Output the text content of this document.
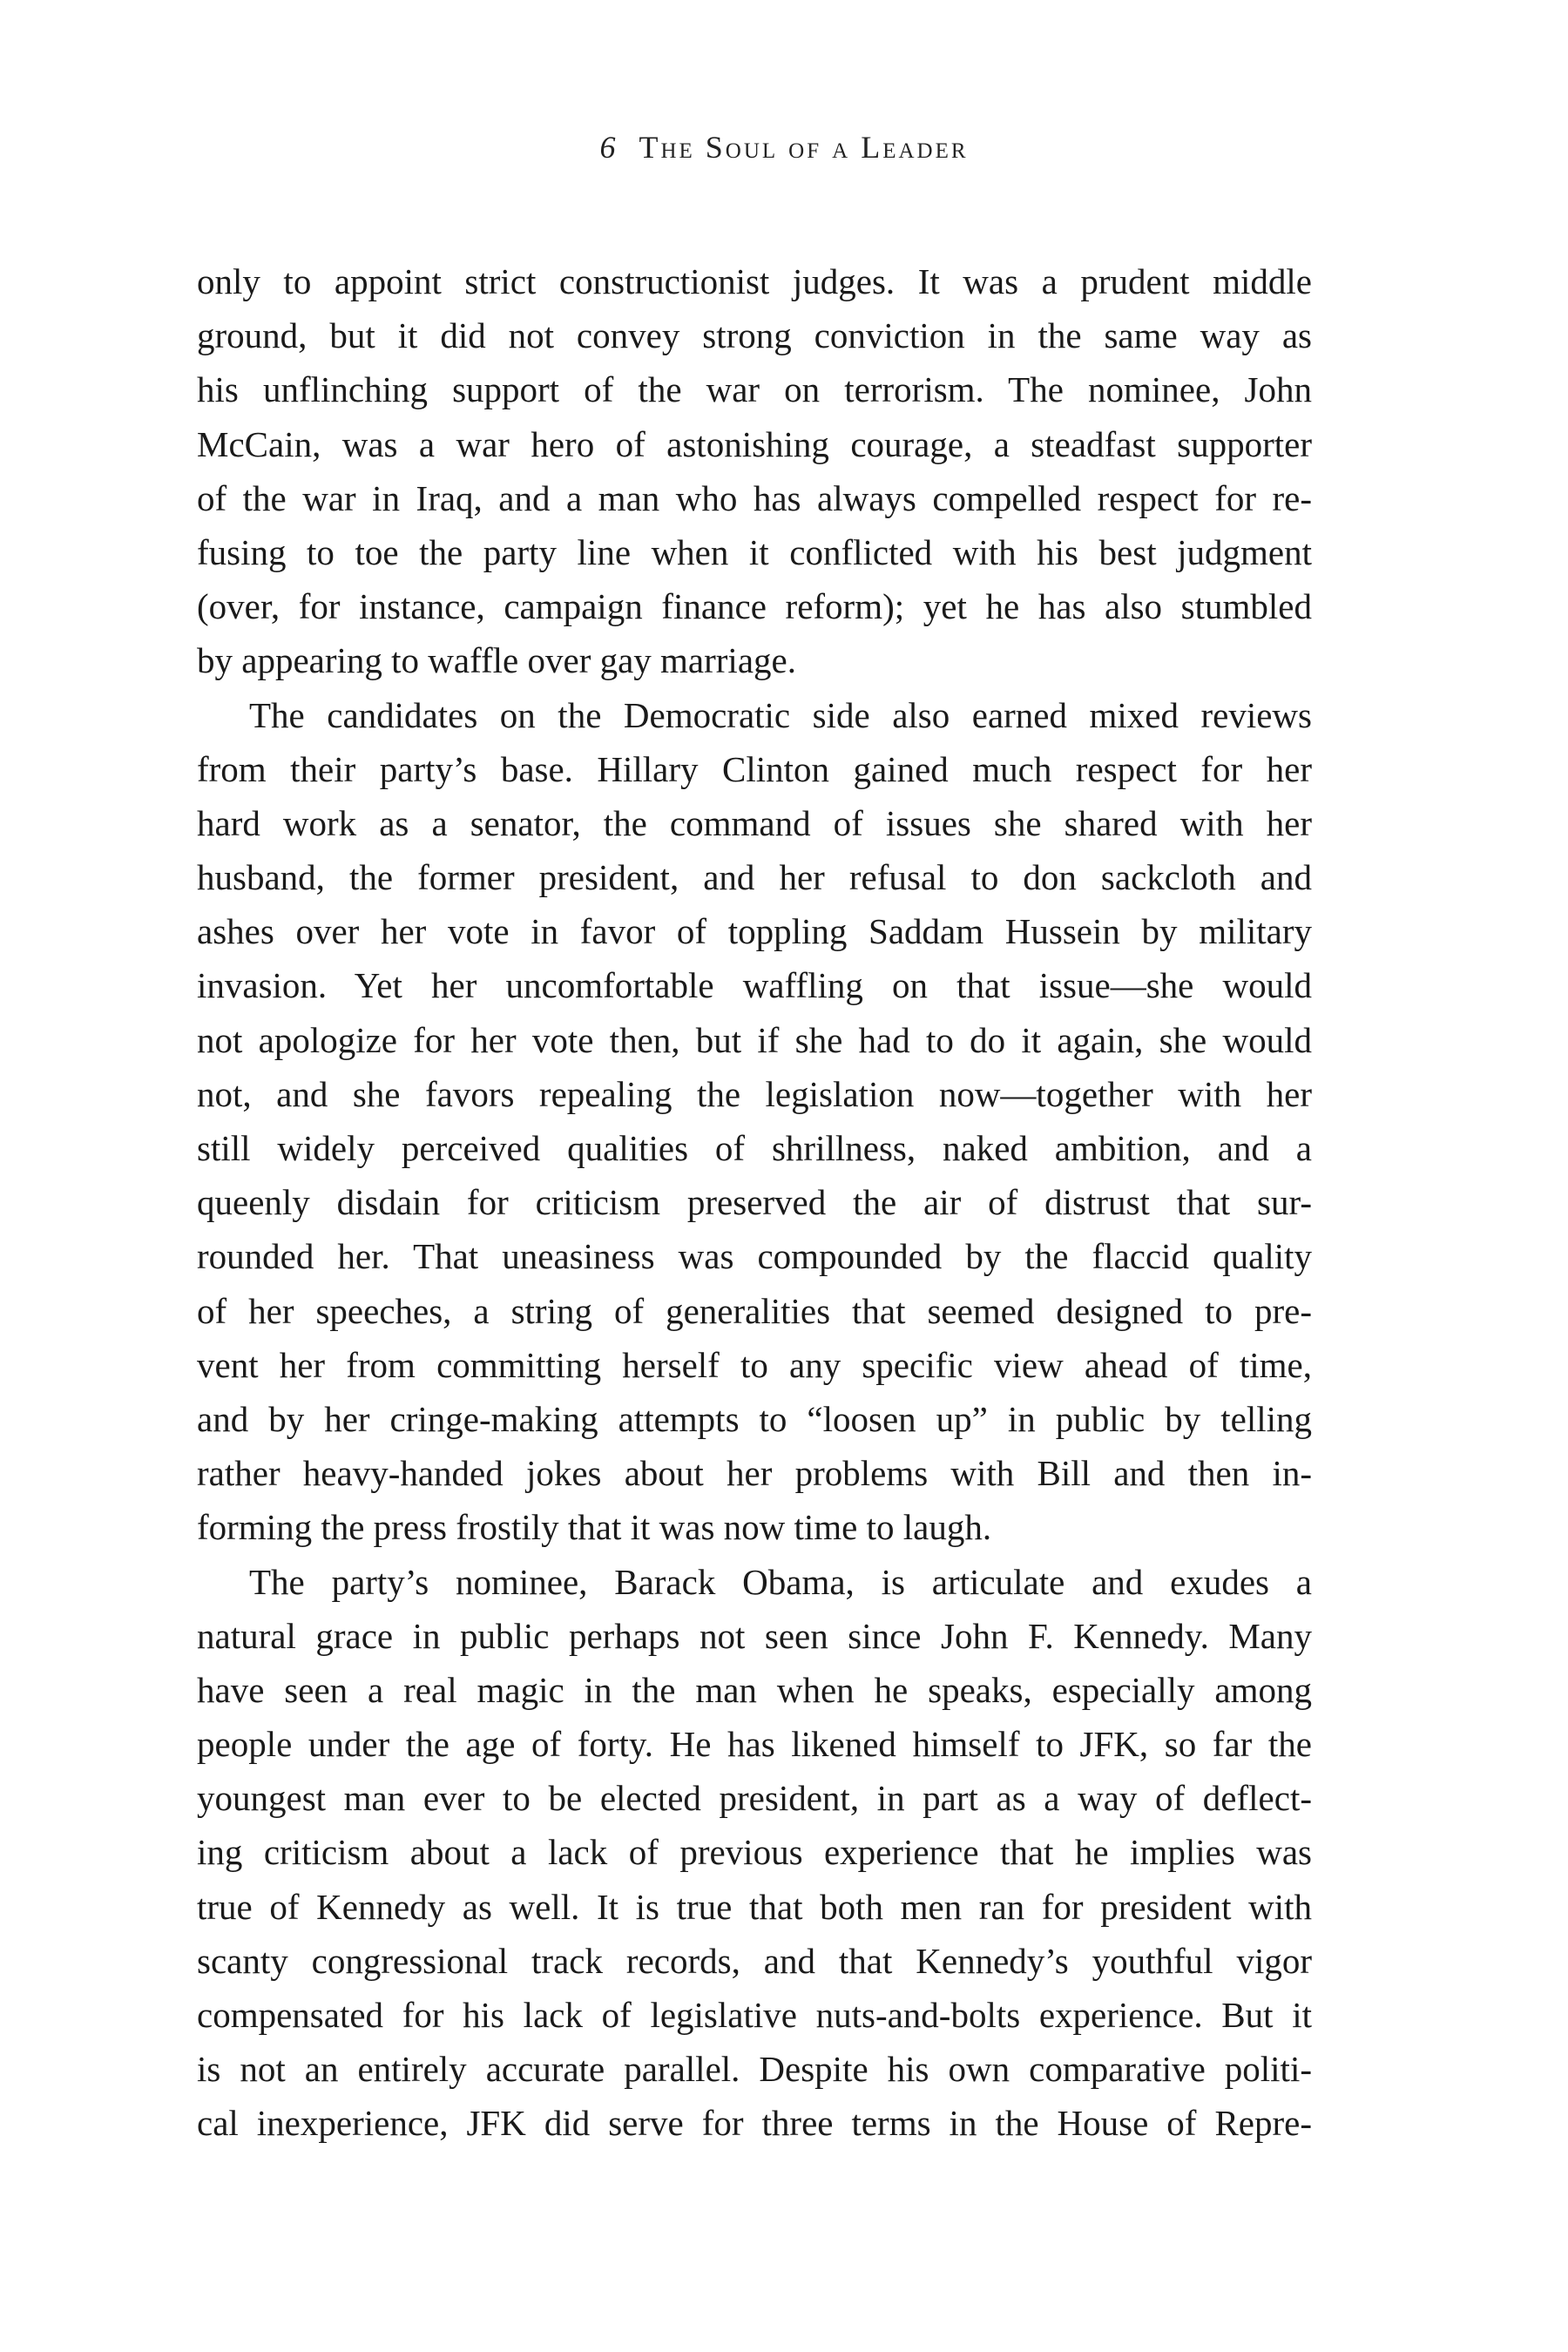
6 The Soul of a Leader
only to appoint strict constructionist judges. It was a prudent middle
ground, but it did not convey strong conviction in the same way as
his unflinching support of the war on terrorism. The nominee, John
McCain, was a war hero of astonishing courage, a steadfast supporter
of the war in Iraq, and a man who has always compelled respect for re-
fusing to toe the party line when it conflicted with his best judgment
(over, for instance, campaign finance reform); yet he has also stumbled
by appearing to waffle over gay marriage.
The candidates on the Democratic side also earned mixed reviews
from their party’s base. Hillary Clinton gained much respect for her
hard work as a senator, the command of issues she shared with her
husband, the former president, and her refusal to don sackcloth and
ashes over her vote in favor of toppling Saddam Hussein by military
invasion. Yet her uncomfortable waffling on that issue—she would
not apologize for her vote then, but if she had to do it again, she would
not, and she favors repealing the legislation now—together with her
still widely perceived qualities of shrillness, naked ambition, and a
queenly disdain for criticism preserved the air of distrust that sur-
rounded her. That uneasiness was compounded by the flaccid quality
of her speeches, a string of generalities that seemed designed to pre-
vent her from committing herself to any specific view ahead of time,
and by her cringe-making attempts to “loosen up” in public by telling
rather heavy-handed jokes about her problems with Bill and then in-
forming the press frostily that it was now time to laugh.
The party’s nominee, Barack Obama, is articulate and exudes a
natural grace in public perhaps not seen since John F. Kennedy. Many
have seen a real magic in the man when he speaks, especially among
people under the age of forty. He has likened himself to JFK, so far the
youngest man ever to be elected president, in part as a way of deflect-
ing criticism about a lack of previous experience that he implies was
true of Kennedy as well. It is true that both men ran for president with
scanty congressional track records, and that Kennedy’s youthful vigor
compensated for his lack of legislative nuts-and-bolts experience. But it
is not an entirely accurate parallel. Despite his own comparative politi-
cal inexperience, JFK did serve for three terms in the House of Repre-
